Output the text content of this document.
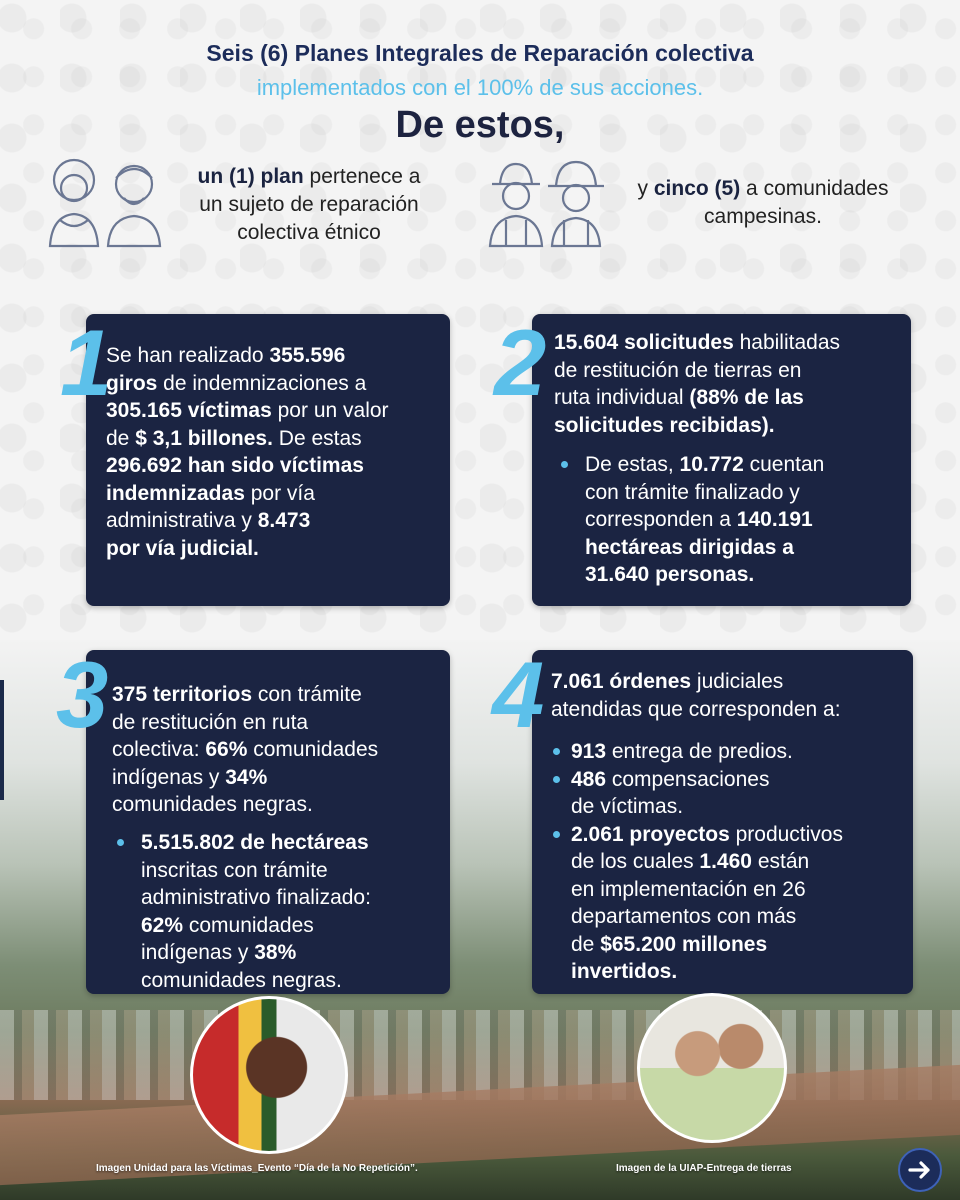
Seis (6) Planes Integrales de Reparación colectiva
implementados con el 100% de sus acciones.
De estos,
un (1) plan pertenece a
un sujeto de reparación
colectiva étnico
y cinco (5) a comunidades
campesinas.
1
Se han realizado 355.596
giros de indemnizaciones a
305.165 víctimas por un valor
de $ 3,1 billones. De estas
296.692 han sido víctimas
indemnizadas por vía
administrativa y 8.473
por vía judicial.
2 15.604 solicitudes habilitadas
de restitución de tierras en
ruta individual (88% de las
solicitudes recibidas).
De estas, 10.772 cuentan
con trámite finalizado y
corresponden a 140.191
hectáreas dirigidas a
31.640 personas.
3 375 territorios con trámite
de restitución en ruta
colectiva: 66% comunidades
indígenas y 34%
comunidades negras.
5.515.802 de hectáreas
inscritas con trámite
administrativo finalizado:
62% comunidades
indígenas y 38%
comunidades negras.
4 7.061 órdenes judiciales
atendidas que corresponden a:
913 entrega de predios.
486 compensaciones
de víctimas.
2.061 proyectos productivos
de los cuales 1.460 están
en implementación en 26
departamentos con más
de $65.200 millones
invertidos.
Imagen Unidad para las Víctimas_Evento “Día de la No Repetición”.	Imagen de la UIAP-Entrega de tierras
